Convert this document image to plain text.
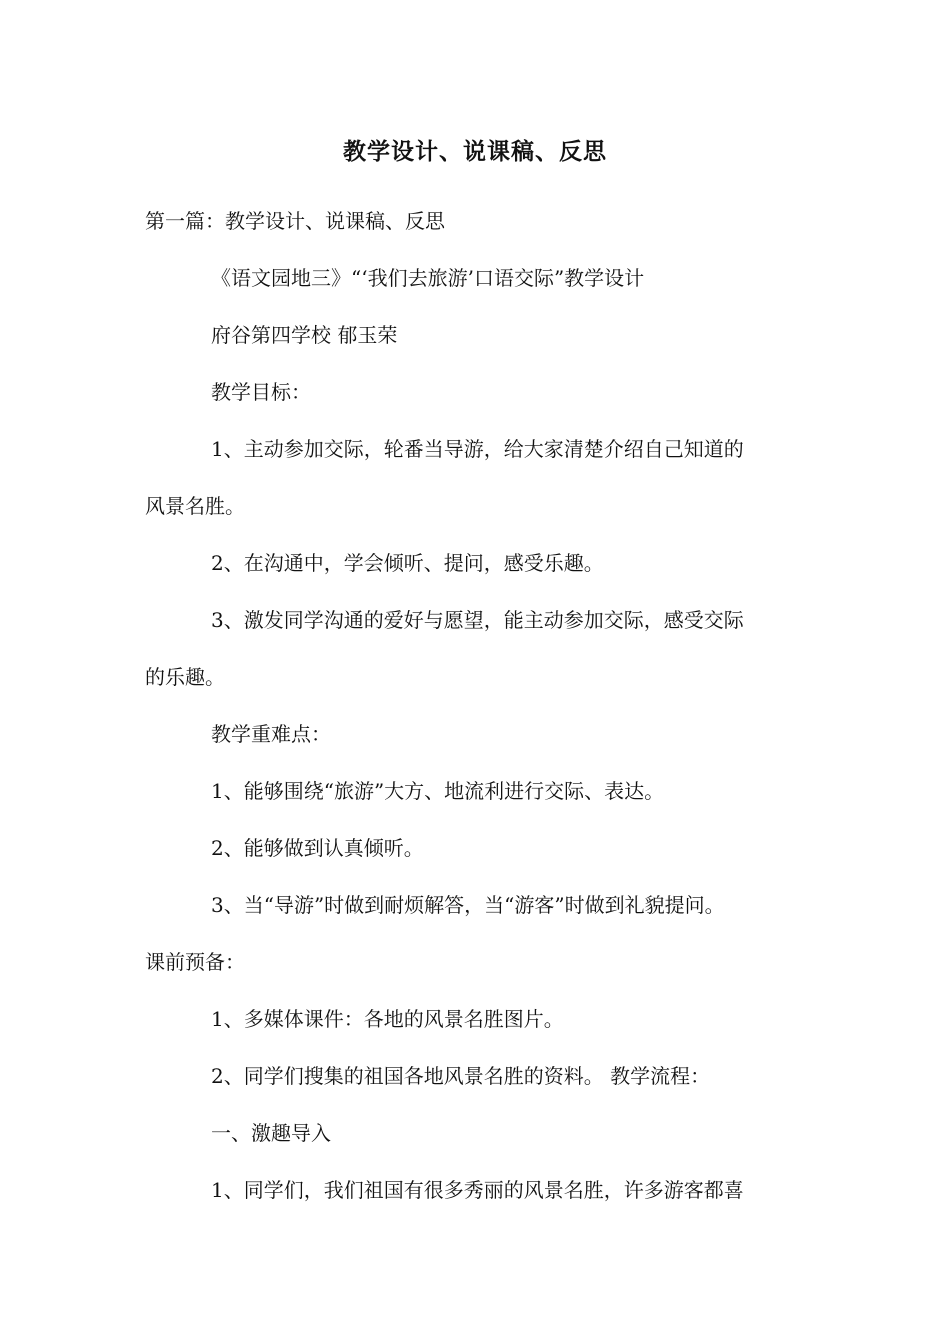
教学设计、说课稿、反思
第一篇：教学设计、说课稿、反思
《语文园地三》“‘我们去旅游’口语交际”教学设计
府谷第四学校 郁玉荣
教学目标：
1、主动参加交际，轮番当导游，给大家清楚介绍自己知道的
风景名胜。
2、在沟通中，学会倾听、提问，感受乐趣。
3、激发同学沟通的爱好与愿望，能主动参加交际，感受交际
的乐趣。
教学重难点：
1、能够围绕“旅游”大方、地流利进行交际、表达。
2、能够做到认真倾听。
3、当“导游”时做到耐烦解答，当“游客”时做到礼貌提问。
课前预备：
1、多媒体课件：各地的风景名胜图片。
2、同学们搜集的祖国各地风景名胜的资料。 教学流程：
一、激趣导入
1、同学们，我们祖国有很多秀丽的风景名胜，许多游客都喜
